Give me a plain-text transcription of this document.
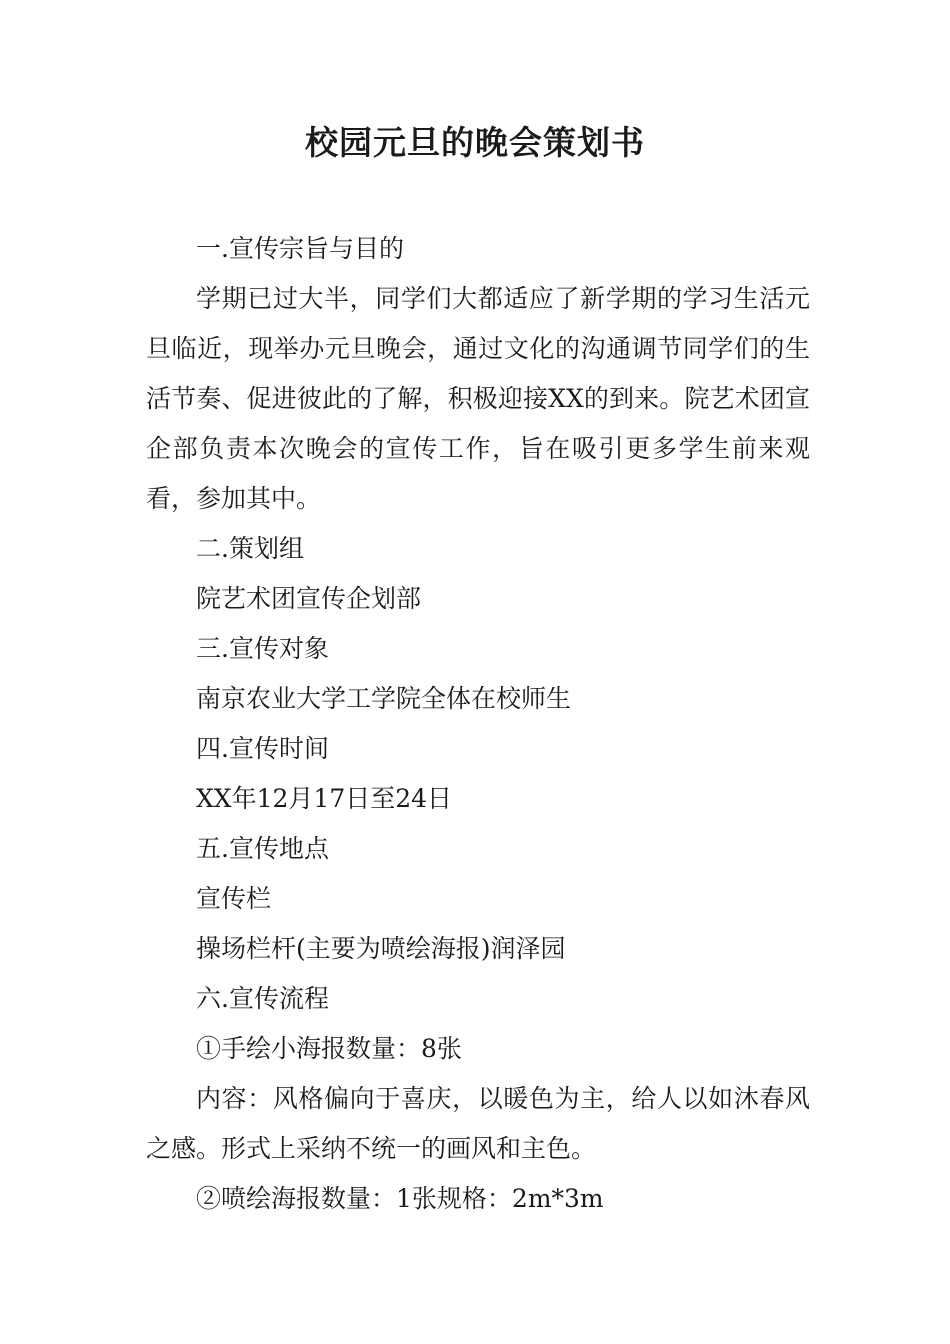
校园元旦的晚会策划书

一.宣传宗旨与目的

学期已过大半，同学们大都适应了新学期的学习生活元旦临近，现举办元旦晚会，通过文化的沟通调节同学们的生活节奏、促进彼此的了解，积极迎接XX的到来。院艺术团宣企部负责本次晚会的宣传工作，旨在吸引更多学生前来观看，参加其中。

二.策划组

院艺术团宣传企划部

三.宣传对象

南京农业大学工学院全体在校师生

四.宣传时间

XX年12月17日至24日

五.宣传地点

宣传栏

操场栏杆(主要为喷绘海报)润泽园

六.宣传流程

①手绘小海报数量：8张

内容：风格偏向于喜庆，以暖色为主，给人以如沐春风之感。形式上采纳不统一的画风和主色。

②喷绘海报数量：1张规格：2m*3m
